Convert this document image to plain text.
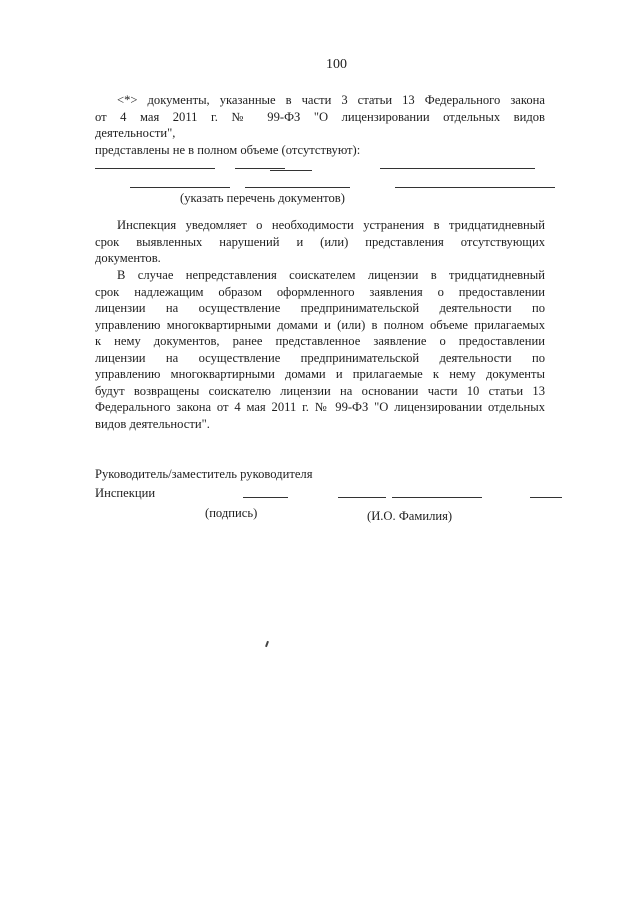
100

<*> документы, указанные в части 3 статьи 13 Федерального закона
от 4 мая 2011 г. № 99-ФЗ "О лицензировании отдельных видов
деятельности",
представлены не в полном объеме (отсутствуют):

(указать перечень документов)

Инспекция уведомляет о необходимости устранения в тридцатидневный
срок выявленных нарушений и (или) представления отсутствующих
документов.

В случае непредставления соискателем лицензии в тридцатидневный
срок надлежащим образом оформленного заявления о предоставлении
лицензии на осуществление предпринимательской деятельности по
управлению многоквартирными домами и (или) в полном объеме прилагаемых
к нему документов, ранее представленное заявление о предоставлении
лицензии на осуществление предпринимательской деятельности по
управлению многоквартирными домами и прилагаемые к нему документы
будут возвращены соискателю лицензии на основании части 10 статьи 13
Федерального закона от 4 мая 2011 г. № 99-ФЗ "О лицензировании отдельных
видов деятельности".

Руководитель/заместитель руководителя
Инспекции
(подпись)	(И.О. Фамилия)
